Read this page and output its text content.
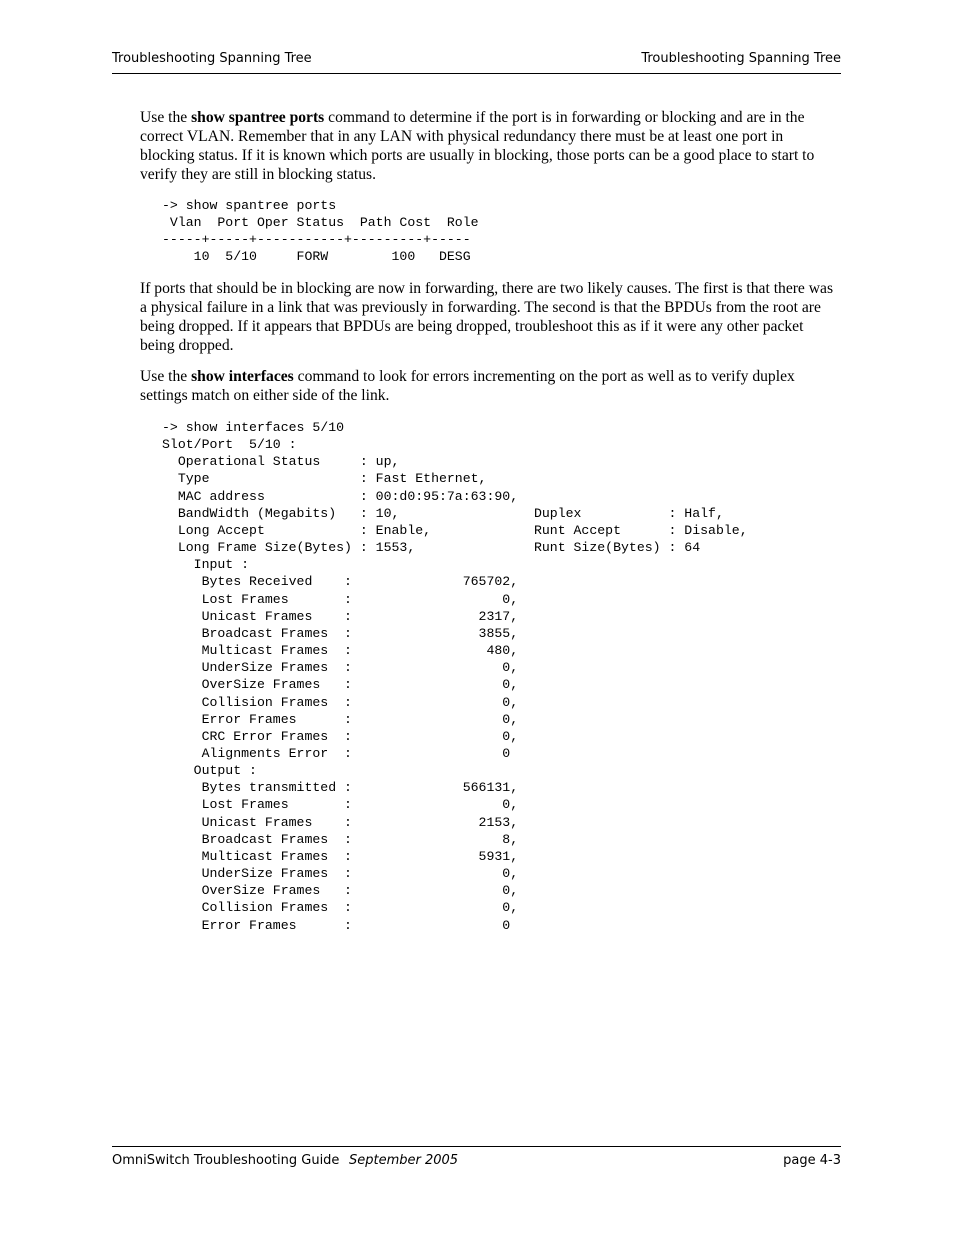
Troubleshooting Spanning Tree	Troubleshooting Spanning Tree

Use the show spantree ports command to determine if the port is in forwarding or blocking and are in the correct VLAN. Remember that in any LAN with physical redundancy there must be at least one port in blocking status. If it is known which ports are usually in blocking, those ports can be a good place to start to verify they are still in blocking status.

-> show spantree ports
Vlan  Port Oper Status  Path Cost  Role
-----+-----+-----------+---------+-----
10  5/10     FORW        100   DESG

If ports that should be in blocking are now in forwarding, there are two likely causes. The first is that there was a physical failure in a link that was previously in forwarding. The second is that the BPDUs from the root are being dropped. If it appears that BPDUs are being dropped, troubleshoot this as if it were any other packet being dropped.

Use the show interfaces command to look for errors incrementing on the port as well as to verify duplex settings match on either side of the link.

-> show interfaces 5/10
Slot/Port  5/10 :
Operational Status     : up,
Type                   : Fast Ethernet,
MAC address            : 00:d0:95:7a:63:90,
BandWidth (Megabits)   : 10,                 Duplex           : Half,
Long Accept            : Enable,             Runt Accept      : Disable,
Long Frame Size(Bytes) : 1553,               Runt Size(Bytes) : 64
Input :
Bytes Received    :              765702,
Lost Frames       :                   0,
Unicast Frames    :                2317,
Broadcast Frames  :                3855,
Multicast Frames  :                 480,
UnderSize Frames  :                   0,
OverSize Frames   :                   0,
Collision Frames  :                   0,
Error Frames      :                   0,
CRC Error Frames  :                   0,
Alignments Error  :                   0
Output :
Bytes transmitted :              566131,
Lost Frames       :                   0,
Unicast Frames    :                2153,
Broadcast Frames  :                   8,
Multicast Frames  :                5931,
UnderSize Frames  :                   0,
OverSize Frames   :                   0,
Collision Frames  :                   0,
Error Frames      :                   0
OmniSwitch Troubleshooting Guide September 2005	page 4-3
